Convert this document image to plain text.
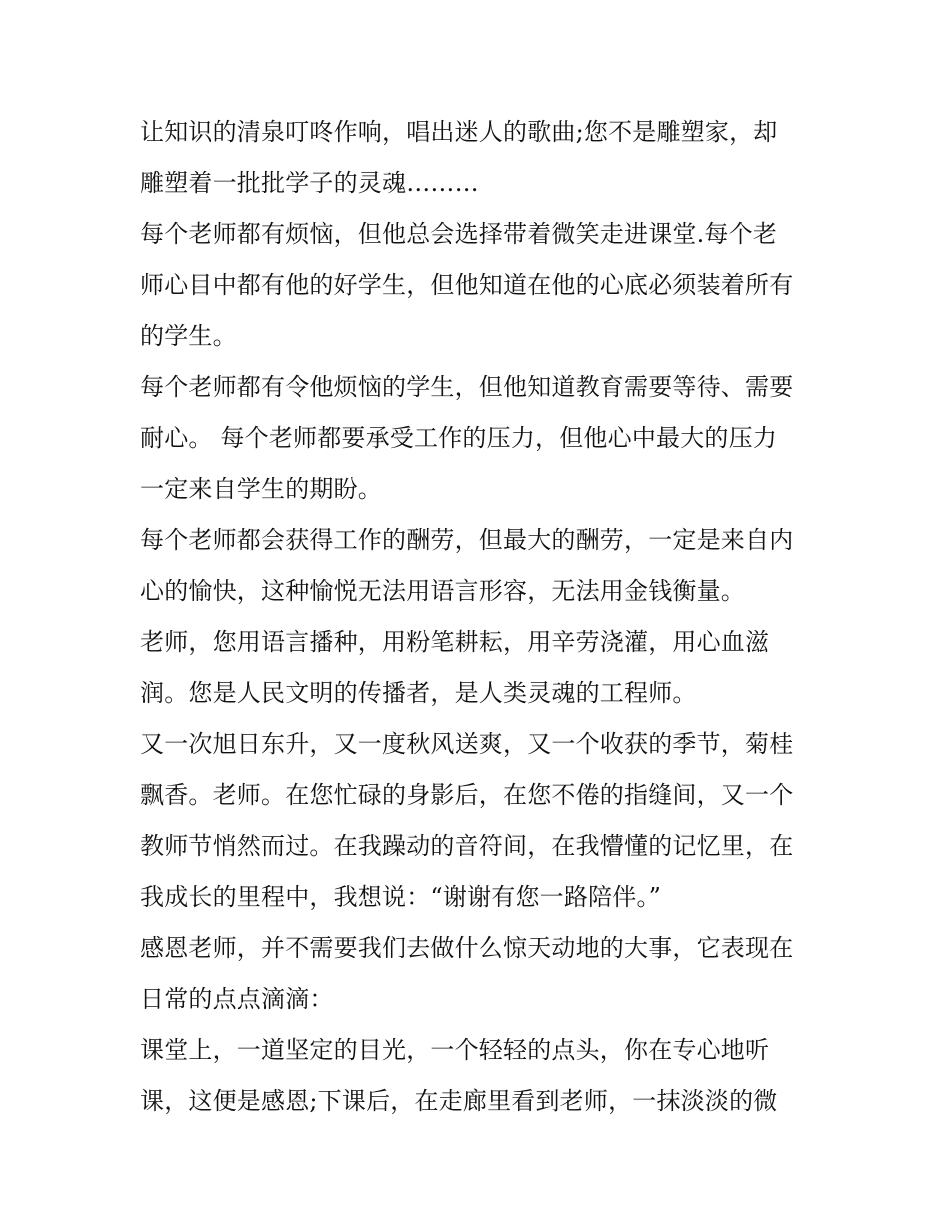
让知识的清泉叮咚作响，唱出迷人的歌曲;您不是雕塑家，却
雕塑着一批批学子的灵魂………
每个老师都有烦恼，但他总会选择带着微笑走进课堂.每个老
师心目中都有他的好学生，但他知道在他的心底必须装着所有
的学生。
每个老师都有令他烦恼的学生，但他知道教育需要等待、需要
耐心。 每个老师都要承受工作的压力，但他心中最大的压力
一定来自学生的期盼。
每个老师都会获得工作的酬劳，但最大的酬劳，一定是来自内
心的愉快，这种愉悦无法用语言形容，无法用金钱衡量。
老师，您用语言播种，用粉笔耕耘，用辛劳浇灌，用心血滋
润。您是人民文明的传播者，是人类灵魂的工程师。
又一次旭日东升，又一度秋风送爽，又一个收获的季节，菊桂
飘香。老师。在您忙碌的身影后，在您不倦的指缝间，又一个
教师节悄然而过。在我躁动的音符间，在我懵懂的记忆里，在
我成长的里程中，我想说：“谢谢有您一路陪伴。”
感恩老师，并不需要我们去做什么惊天动地的大事，它表现在
日常的点点滴滴：
课堂上，一道坚定的目光，一个轻轻的点头，你在专心地听
课，这便是感恩;下课后，在走廊里看到老师，一抹淡淡的微
